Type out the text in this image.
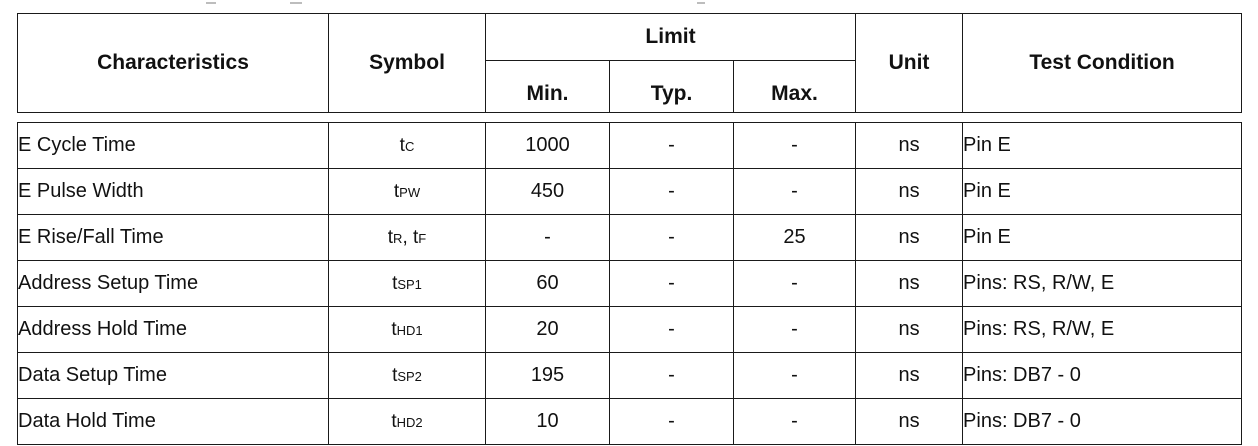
Characteristics	Symbol	Limit			Unit	Test Condition
		Min.	Typ.	Max.		

E Cycle Time	tC	1000	-	-	ns	Pin E
E Pulse Width	tPW	450	-	-	ns	Pin E
E Rise/Fall Time	tR, tF	-	-	25	ns	Pin E
Address Setup Time	tSP1	60	-	-	ns	Pins: RS, R/W, E
Address Hold Time	tHD1	20	-	-	ns	Pins: RS, R/W, E
Data Setup Time	tSP2	195	-	-	ns	Pins: DB7 - 0
Data Hold Time	tHD2	10	-	-	ns	Pins: DB7 - 0
